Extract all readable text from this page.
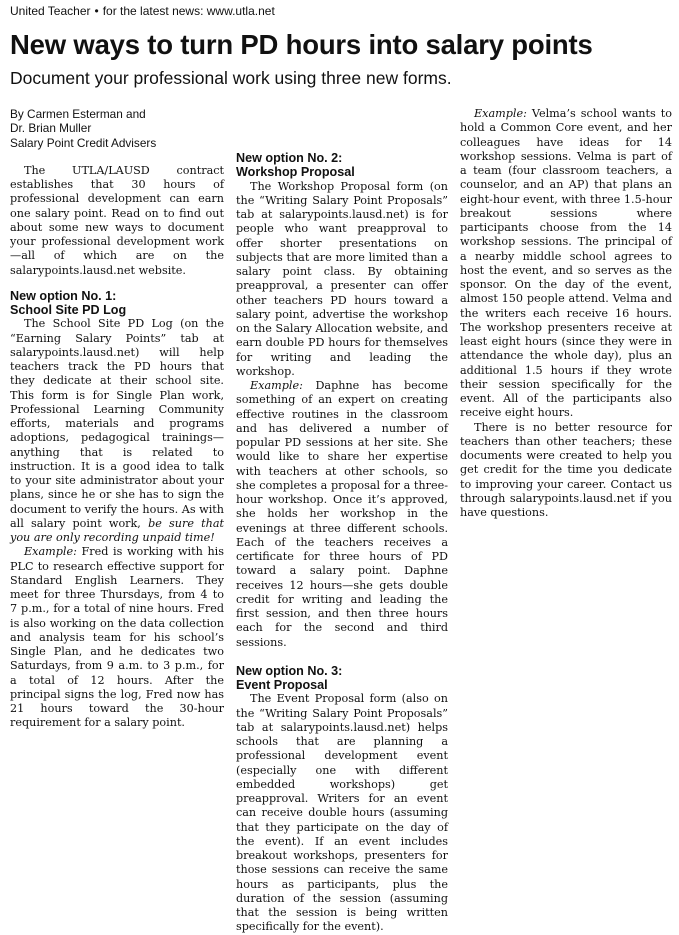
United Teacher • for the latest news: www.utla.net
New ways to turn PD hours into salary points
Document your professional work using three new forms.
By Carmen Esterman and
Dr. Brian Muller
Salary Point Credit Advisers

The UTLA/LAUSD contract establishes that 30 hours of professional development can earn one salary point. Read on to find out about some new ways to document your professional development work—all of which are on the salarypoints.lausd.net website.

New option No. 1:
School Site PD Log

The School Site PD Log (on the “Earning Salary Points” tab at salarypoints.lausd.net) will help teachers track the PD hours that they dedicate at their school site. This form is for Single Plan work, Professional Learning Community efforts, materials and programs adoptions, pedagogical trainings—anything that is related to instruction. It is a good idea to talk to your site administrator about your plans, since he or she has to sign the document to verify the hours. As with all salary point work, be sure that you are only recording unpaid time!

Example: Fred is working with his PLC to research effective support for Standard English Learners. They meet for three Thursdays, from 4 to 7 p.m., for a total of nine hours. Fred is also working on the data collection and analysis team for his school’s Single Plan, and he dedicates two Saturdays, from 9 a.m. to 3 p.m., for a total of 12 hours. After the principal signs the log, Fred now has 21 hours toward the 30-hour requirement for a salary point.

New option No. 2:
Workshop Proposal

The Workshop Proposal form (on the “Writing Salary Point Proposals” tab at salarypoints.lausd.net) is for people who want preapproval to offer shorter presentations on subjects that are more limited than a salary point class. By obtaining preapproval, a presenter can offer other teachers PD hours toward a salary point, advertise the workshop on the Salary Allocation website, and earn double PD hours for themselves for writing and leading the workshop.

Example: Daphne has become something of an expert on creating effective routines in the classroom and has delivered a number of popular PD sessions at her site. She would like to share her expertise with teachers at other schools, so she completes a proposal for a three-hour workshop. Once it’s approved, she holds her workshop in the evenings at three different schools. Each of the teachers receives a certificate for three hours of PD toward a salary point. Daphne receives 12 hours—she gets double credit for writing and leading the first session, and then three hours each for the second and third sessions.

New option No. 3:
Event Proposal

The Event Proposal form (also on the “Writing Salary Point Proposals” tab at salarypoints.lausd.net) helps schools that are planning a professional development event (especially one with different embedded workshops) get preapproval. Writers for an event can receive double hours (assuming that they participate on the day of the event). If an event includes breakout workshops, presenters for those sessions can receive the same hours as participants, plus the duration of the session (assuming that the session is being written specifically for the event).

Example: Velma’s school wants to hold a Common Core event, and her colleagues have ideas for 14 workshop sessions. Velma is part of a team (four classroom teachers, a counselor, and an AP) that plans an eight-hour event, with three 1.5-hour breakout sessions where participants choose from the 14 workshop sessions. The principal of a nearby middle school agrees to host the event, and so serves as the sponsor. On the day of the event, almost 150 people attend. Velma and the writers each receive 16 hours. The workshop presenters receive at least eight hours (since they were in attendance the whole day), plus an additional 1.5 hours if they wrote their session specifically for the event. All of the participants also receive eight hours.

There is no better resource for teachers than other teachers; these documents were created to help you get credit for the time you dedicate to improving your career. Contact us through salarypoints.lausd.net if you have questions.
